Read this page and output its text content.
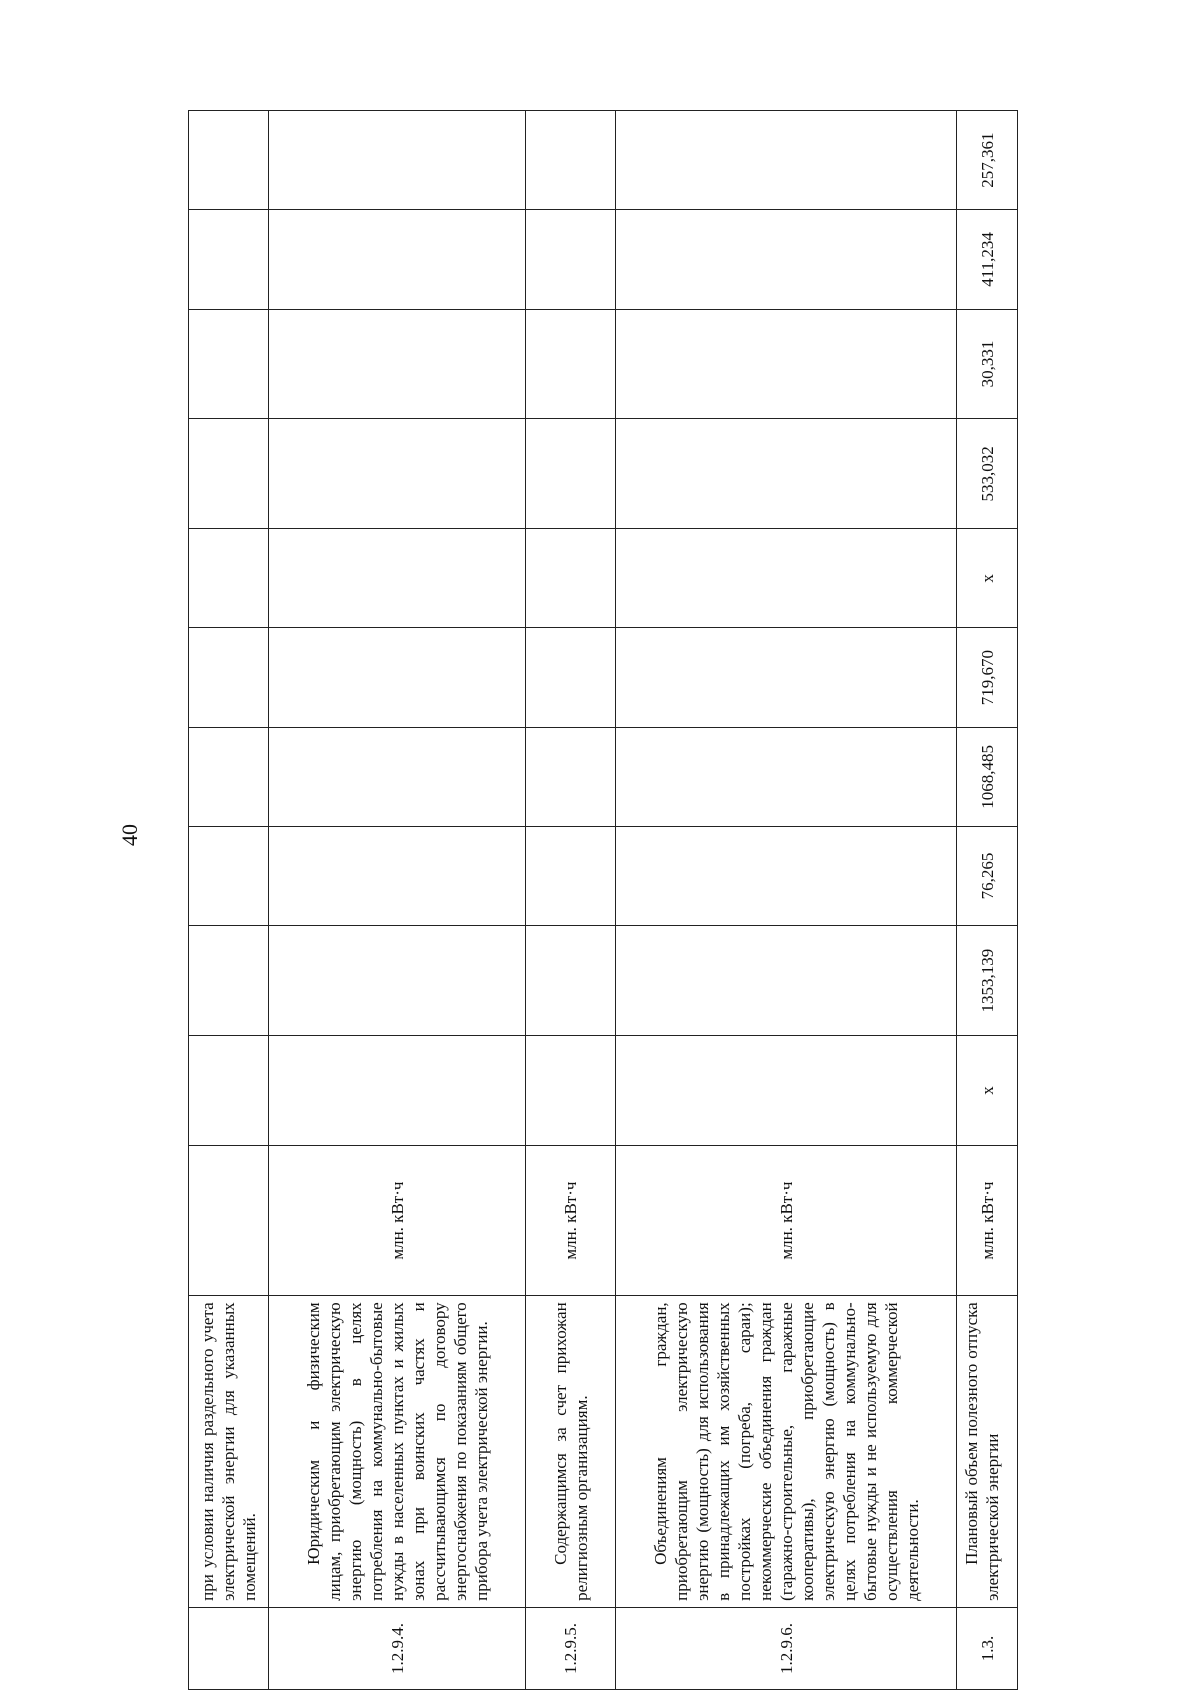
40
	при условии наличия раздельного учета электрической энергии для указанных помещений.											
1.2.9.4.	Юридическим и физическим лицам, приобретающим электрическую энергию (мощность) в целях потребления на коммунально-бытовые нужды в населенных пунктах и жилых зонах при воинских частях и рассчитывающимся по договору энергоснабжения по показаниям общего прибора учета электрической энергии.	млн. кВт·ч										
1.2.9.5.	Содержащимся за счет прихожан религиозным организациям.	млн. кВт·ч										
1.2.9.6.	Объединениям граждан, приобретающим электрическую энергию (мощность) для использования в принадлежащих им хозяйственных постройках (погреба, сараи); некоммерческие объединения граждан (гаражно-строительные, гаражные кооперативы), приобретающие электрическую энергию (мощность) в целях потребления на коммунально-бытовые нужды и не используемую для осуществления коммерческой деятельности.	млн. кВт·ч										
1.3.	Плановый объем полезного отпуска электрической энергии	млн. кВт·ч	х	1353,139	76,265	1068,485	719,670	х	533,032	30,331	411,234	257,361
